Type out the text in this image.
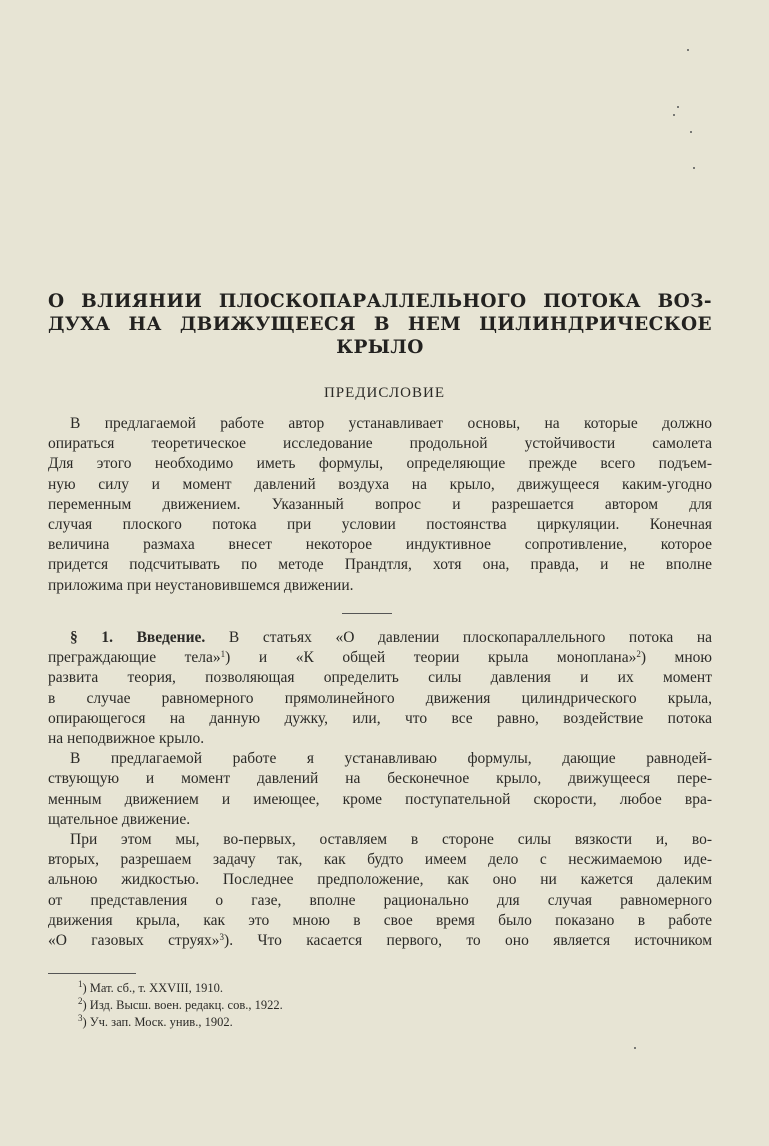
О ВЛИЯНИИ ПЛОСКОПАРАЛЛЕЛЬНОГО ПОТОКА ВОЗ-
ДУХА НА ДВИЖУЩЕЕСЯ В НЕМ ЦИЛИНДРИЧЕСКОЕ
КРЫЛО
ПРЕДИСЛОВИЕ
В предлагаемой работе автор устанавливает основы, на которые должно
опираться теоретическое исследование продольной устойчивости самолета
Для этого необходимо иметь формулы, определяющие прежде всего подъем-
ную силу и момент давлений воздуха на крыло, движущееся каким-угодно
переменным движением. Указанный вопрос и разрешается автором для
случая плоского потока при условии постоянства циркуляции. Конечная
величина размаха внесет некоторое индуктивное сопротивление, которое
придется подсчитывать по методе Прандтля, хотя она, правда, и не вполне
приложима при неустановившемся движении.
§ 1. Введение. В статьях «О давлении плоскопараллельного потока на
преграждающие тела»$^1$) и «К общей теории крыла моноплана»$^2$) мною
развита теория, позволяющая определить силы давления и их момент
в случае равномерного прямолинейного движения цилиндрического крыла,
опирающегося на данную дужку, или, что все равно, воздействие потока
на неподвижное крыло.
В предлагаемой работе я устанавливаю формулы, дающие равнодей-
ствующую и момент давлений на бесконечное крыло, движущееся пере-
менным движением и имеющее, кроме поступательной скорости, любое вра-
щательное движение.
При этом мы, во-первых, оставляем в стороне силы вязкости и, во-
вторых, разрешаем задачу так, как будто имеем дело с несжимаемою иде-
альною жидкостью. Последнее предположение, как оно ни кажется далеким
от представления о газе, вполне рационально для случая равномерного
движения крыла, как это мною в свое время было показано в работе
«О газовых струях»$^3$). Что касается первого, то оно является источником
$^1$) Мат. сб., т. XXVIII, 1910.
$^2$) Изд. Высш. воен. редакц. сов., 1922.
$^3$) Уч. зап. Моск. унив., 1902.
